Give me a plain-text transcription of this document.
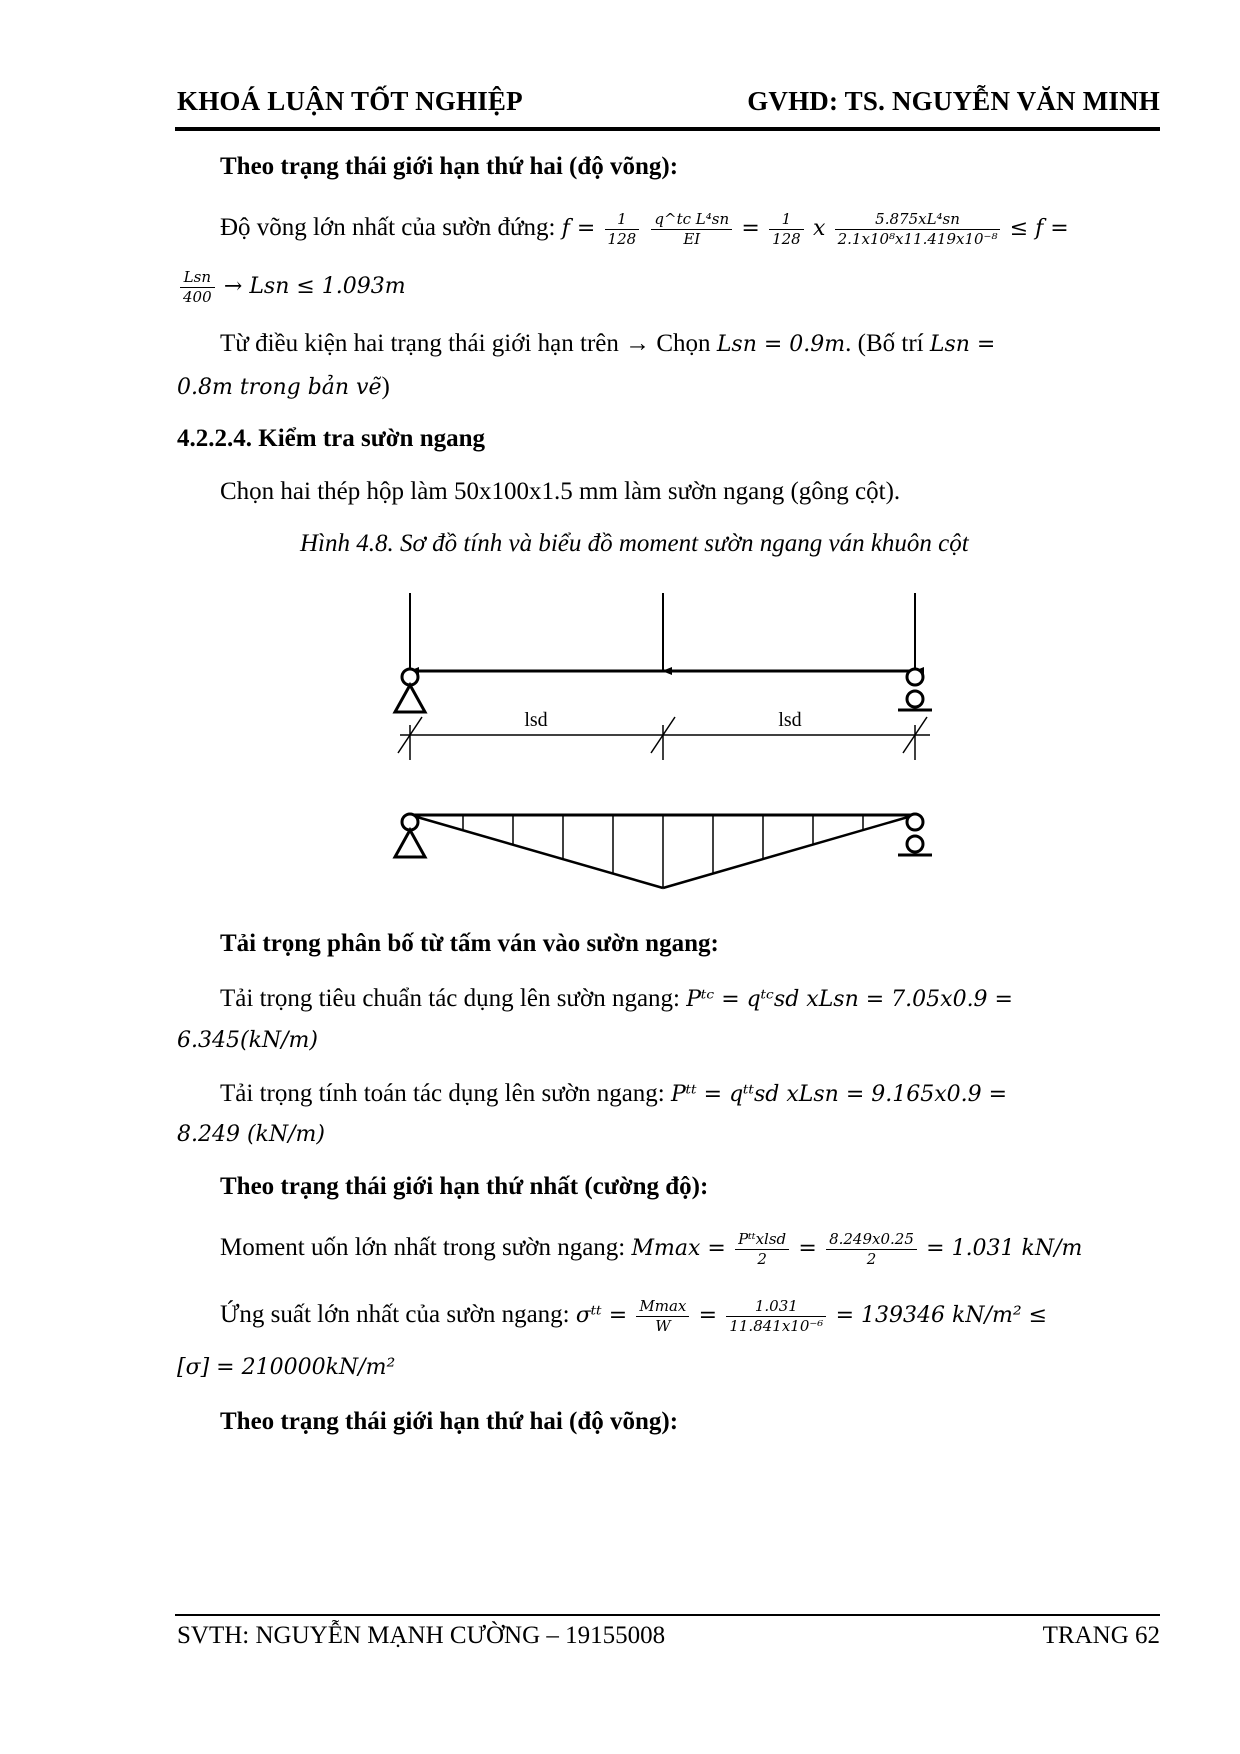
KHOÁ LUẬN TỐT NGHIỆP	GVHD: TS. NGUYỄN VĂN MINH
Theo trạng thái giới hạn thứ hai (độ võng):
Độ võng lớn nhất của sườn đứng: $f = \frac{1}{128}$
$\frac{\text{q\textasciicircum{}tc L⁴sn}}{EI} = \frac{1}{128}$ x $\frac{\text{5.875xL⁴sn}}{\text{2.1x10⁸x11.419x10⁻⁸}} \le f$ =
$\frac{\text{Lsn}}{400}$ → Lsn ≤ 1.093m
Từ điều kiện hai trạng thái giới hạn trên → Chọn Lsn = 0.9m. (Bố trí Lsn =
0.8m trong bản vẽ)
4.2.2.4. Kiểm tra sườn ngang
Chọn hai thép hộp làm 50x100x1.5 mm làm sườn ngang (gông cột).
Hình 4.8. Sơ đồ tính và biểu đồ moment sườn ngang ván khuôn cột
lsd	lsd
Tải trọng phân bố từ tấm ván vào sườn ngang:
Tải trọng tiêu chuẩn tác dụng lên sườn ngang: Pᵗᶜ = qᵗᶜsd xLsn = 7.05x0.9 =
6.345(kN/m)
Tải trọng tính toán tác dụng lên sườn ngang: Pᵗᵗ = qᵗᵗsd xLsn = 9.165x0.9 =
8.249 (kN/m)
Theo trạng thái giới hạn thứ nhất (cường độ):
Moment uốn lớn nhất trong sườn ngang: $Mmax = \frac{\text{Pᵗᵗxlsd}}{2} = \frac{8.249x0.25}{2} = 1.031$ kN/m
Ứng suất lớn nhất của sườn ngang: σᵗᵗ = $\frac{Mmax}{W} = \frac{1.031}{\text{11.841x10⁻⁶}} = 139346$ kN/m² ≤
[σ] = 210000kN/m²
Theo trạng thái giới hạn thứ hai (độ võng):
SVTH: NGUYỄN MẠNH CƯỜNG – 19155008	TRANG 62
